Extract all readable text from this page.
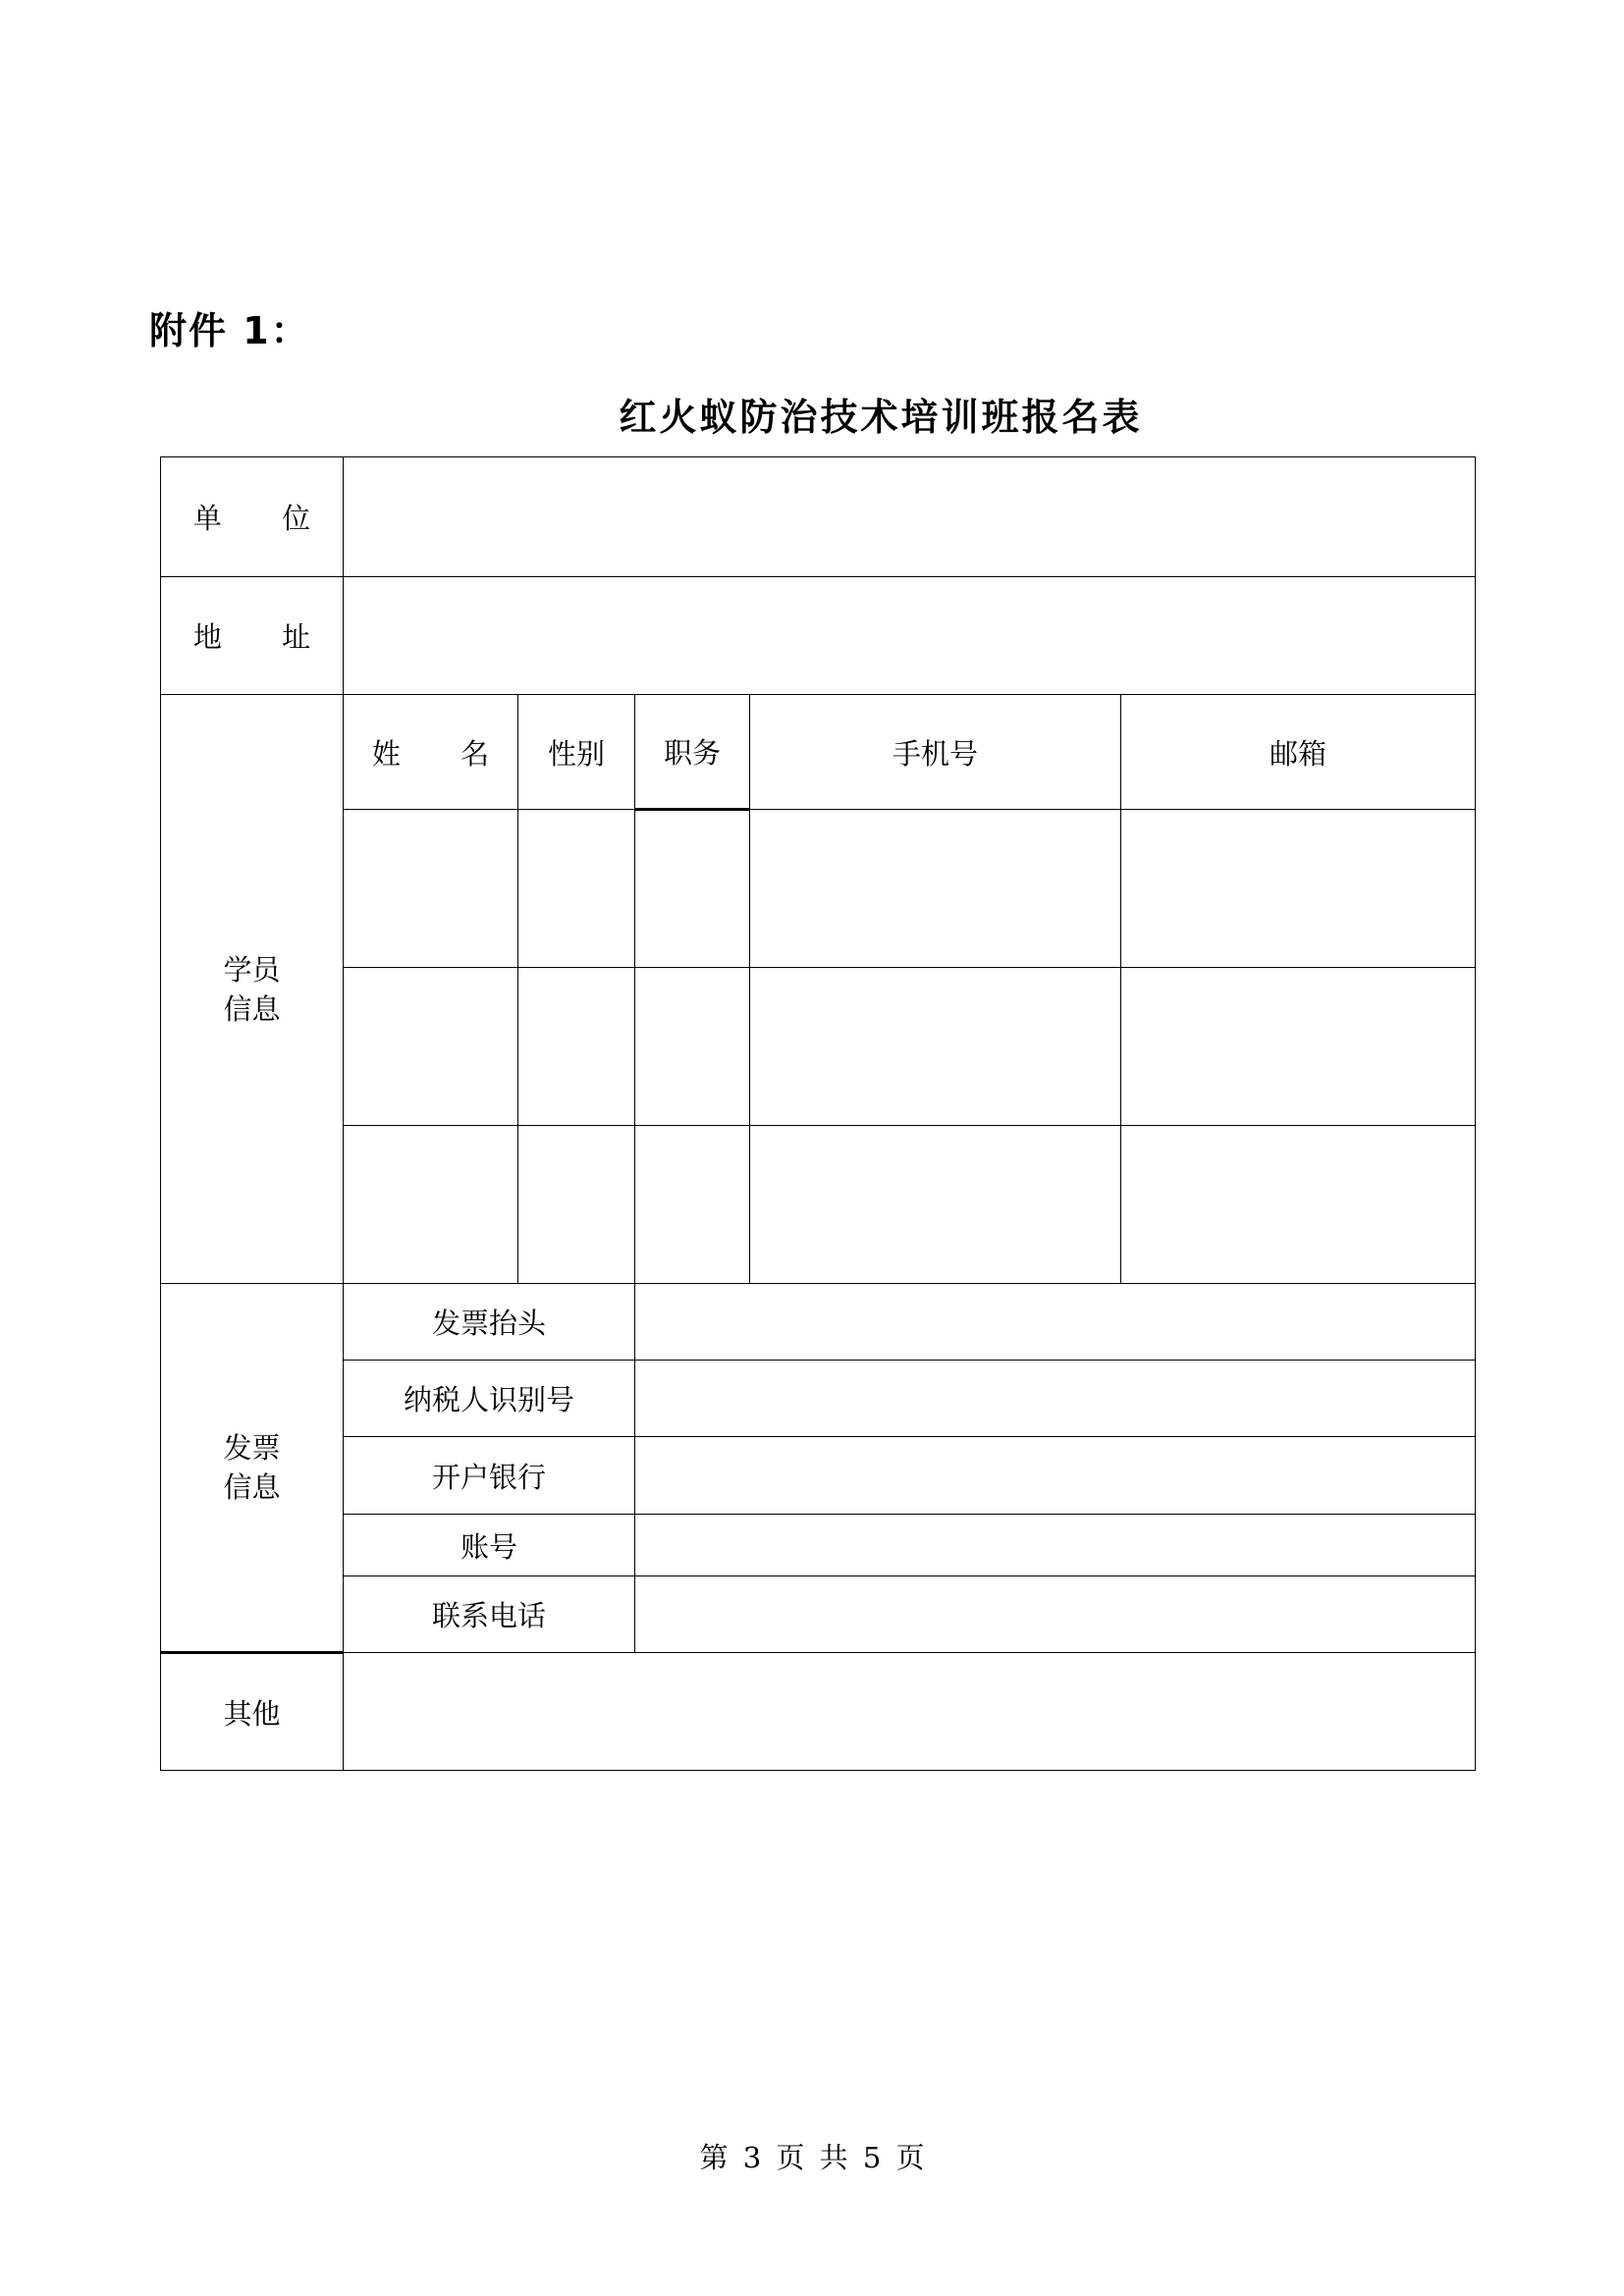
附件 1：
红火蚁防治技术培训班报名表
单 位					
地 址					

学员
信息	姓 名	性别	职务	手机号	邮箱

发票
信息	发票抬头				
	纳税人识别号				
	开户银行				
	账号				
	联系电话				
其他					
第 3 页 共 5 页
